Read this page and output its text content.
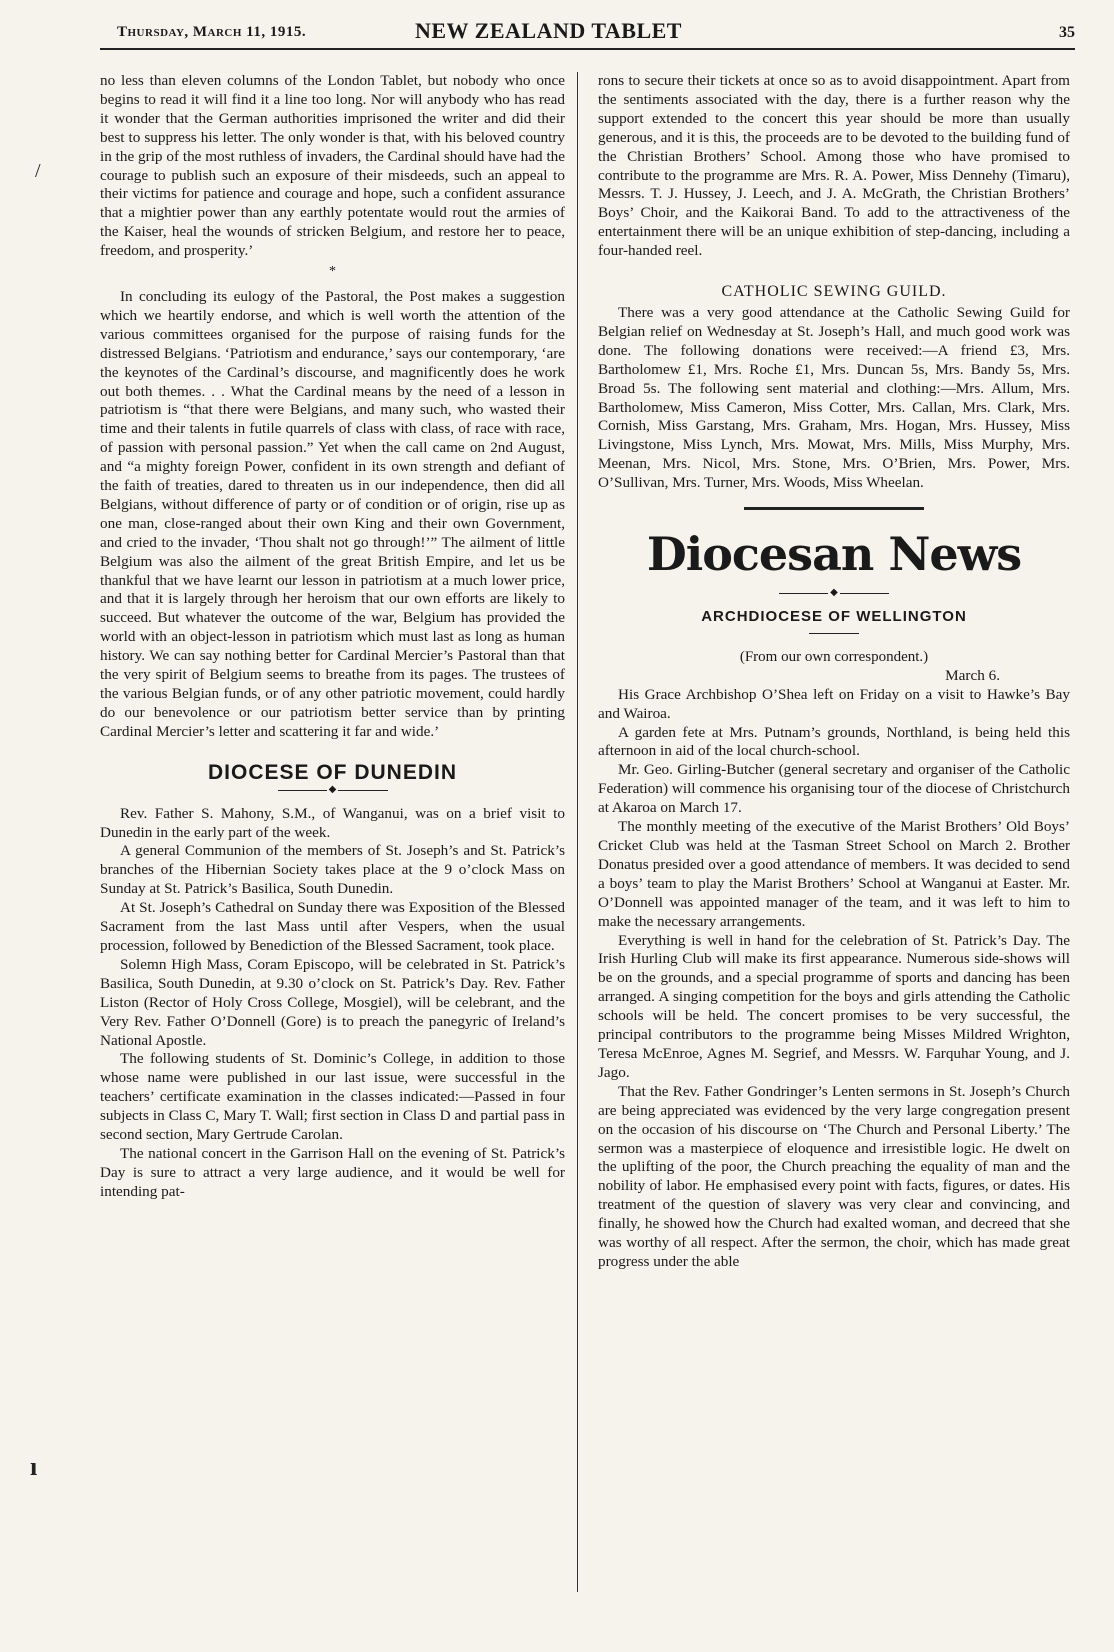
Thursday, March 11, 1915.	NEW ZEALAND TABLET	35
/
ı

no less than eleven columns of the London Tablet, but nobody who once begins to read it will find it a line too long. Nor will anybody who has read it wonder that the German authorities imprisoned the writer and did their best to suppress his letter. The only wonder is that, with his beloved country in the grip of the most ruthless of invaders, the Cardinal should have had the courage to publish such an exposure of their misdeeds, such an appeal to their victims for patience and courage and hope, such a confident assurance that a mightier power than any earthly potentate would rout the armies of the Kaiser, heal the wounds of stricken Belgium, and restore her to peace, freedom, and prosperity.’

*

In concluding its eulogy of the Pastoral, the Post makes a suggestion which we heartily endorse, and which is well worth the attention of the various committees organised for the purpose of raising funds for the distressed Belgians. ‘Patriotism and endurance,’ says our contemporary, ‘are the keynotes of the Cardinal’s discourse, and magnificently does he work out both themes. . . What the Cardinal means by the need of a lesson in patriotism is “that there were Belgians, and many such, who wasted their time and their talents in futile quarrels of class with class, of race with race, of passion with personal passion.” Yet when the call came on 2nd August, and “a mighty foreign Power, confident in its own strength and defiant of the faith of treaties, dared to threaten us in our independence, then did all Belgians, without difference of party or of condition or of origin, rise up as one man, close-ranged about their own King and their own Government, and cried to the invader, ‘Thou shalt not go through!’” The ailment of little Belgium was also the ailment of the great British Empire, and let us be thankful that we have learnt our lesson in patriotism at a much lower price, and that it is largely through her heroism that our own efforts are likely to succeed. But whatever the outcome of the war, Belgium has provided the world with an object-lesson in patriotism which must last as long as human history. We can say nothing better for Cardinal Mercier’s Pastoral than that the very spirit of Belgium seems to breathe from its pages. The trustees of the various Belgian funds, or of any other patriotic movement, could hardly do our benevolence or our patriotism better service than by printing Cardinal Mercier’s letter and scattering it far and wide.’

DIOCESE OF DUNEDIN
◆

Rev. Father S. Mahony, S.M., of Wanganui, was on a brief visit to Dunedin in the early part of the week.

A general Communion of the members of St. Joseph’s and St. Patrick’s branches of the Hibernian Society takes place at the 9 o’clock Mass on Sunday at St. Patrick’s Basilica, South Dunedin.

At St. Joseph’s Cathedral on Sunday there was Exposition of the Blessed Sacrament from the last Mass until after Vespers, when the usual procession, followed by Benediction of the Blessed Sacrament, took place.

Solemn High Mass, Coram Episcopo, will be celebrated in St. Patrick’s Basilica, South Dunedin, at 9.30 o’clock on St. Patrick’s Day. Rev. Father Liston (Rector of Holy Cross College, Mosgiel), will be celebrant, and the Very Rev. Father O’Donnell (Gore) is to preach the panegyric of Ireland’s National Apostle.

The following students of St. Dominic’s College, in addition to those whose name were published in our last issue, were successful in the teachers’ certificate examination in the classes indicated:—Passed in four subjects in Class C, Mary T. Wall; first section in Class D and partial pass in second section, Mary Gertrude Carolan.

The national concert in the Garrison Hall on the evening of St. Patrick’s Day is sure to attract a very large audience, and it would be well for intending pat-

rons to secure their tickets at once so as to avoid disappointment. Apart from the sentiments associated with the day, there is a further reason why the support extended to the concert this year should be more than usually generous, and it is this, the proceeds are to be devoted to the building fund of the Christian Brothers’ School. Among those who have promised to contribute to the programme are Mrs. R. A. Power, Miss Dennehy (Timaru), Messrs. T. J. Hussey, J. Leech, and J. A. McGrath, the Christian Brothers’ Boys’ Choir, and the Kaikorai Band. To add to the attractiveness of the entertainment there will be an unique exhibition of step-dancing, including a four-handed reel.

CATHOLIC SEWING GUILD.

There was a very good attendance at the Catholic Sewing Guild for Belgian relief on Wednesday at St. Joseph’s Hall, and much good work was done. The following donations were received:—A friend £3, Mrs. Bartholomew £1, Mrs. Roche £1, Mrs. Duncan 5s, Mrs. Bandy 5s, Mrs. Broad 5s. The following sent material and clothing:—Mrs. Allum, Mrs. Bartholomew, Miss Cameron, Miss Cotter, Mrs. Callan, Mrs. Clark, Mrs. Cornish, Miss Garstang, Mrs. Graham, Mrs. Hogan, Mrs. Hussey, Miss Livingstone, Miss Lynch, Mrs. Mowat, Mrs. Mills, Miss Murphy, Mrs. Meenan, Mrs. Nicol, Mrs. Stone, Mrs. O’Brien, Mrs. Power, Mrs. O’Sullivan, Mrs. Turner, Mrs. Woods, Miss Wheelan.

Diocesan News
◆
ARCHDIOCESE OF WELLINGTON

(From our own correspondent.)

March 6.

His Grace Archbishop O’Shea left on Friday on a visit to Hawke’s Bay and Wairoa.

A garden fete at Mrs. Putnam’s grounds, Northland, is being held this afternoon in aid of the local church-school.

Mr. Geo. Girling-Butcher (general secretary and organiser of the Catholic Federation) will commence his organising tour of the diocese of Christchurch at Akaroa on March 17.

The monthly meeting of the executive of the Marist Brothers’ Old Boys’ Cricket Club was held at the Tasman Street School on March 2. Brother Donatus presided over a good attendance of members. It was decided to send a boys’ team to play the Marist Brothers’ School at Wanganui at Easter. Mr. O’Donnell was appointed manager of the team, and it was left to him to make the necessary arrangements.

Everything is well in hand for the celebration of St. Patrick’s Day. The Irish Hurling Club will make its first appearance. Numerous side-shows will be on the grounds, and a special programme of sports and dancing has been arranged. A singing competition for the boys and girls attending the Catholic schools will be held. The concert promises to be very successful, the principal contributors to the programme being Misses Mildred Wrighton, Teresa McEnroe, Agnes M. Segrief, and Messrs. W. Farquhar Young, and J. Jago.

That the Rev. Father Gondringer’s Lenten sermons in St. Joseph’s Church are being appreciated was evidenced by the very large congregation present on the occasion of his discourse on ‘The Church and Personal Liberty.’ The sermon was a masterpiece of eloquence and irresistible logic. He dwelt on the uplifting of the poor, the Church preaching the equality of man and the nobility of labor. He emphasised every point with facts, figures, or dates. His treatment of the question of slavery was very clear and convincing, and finally, he showed how the Church had exalted woman, and decreed that she was worthy of all respect. After the sermon, the choir, which has made great progress under the able
